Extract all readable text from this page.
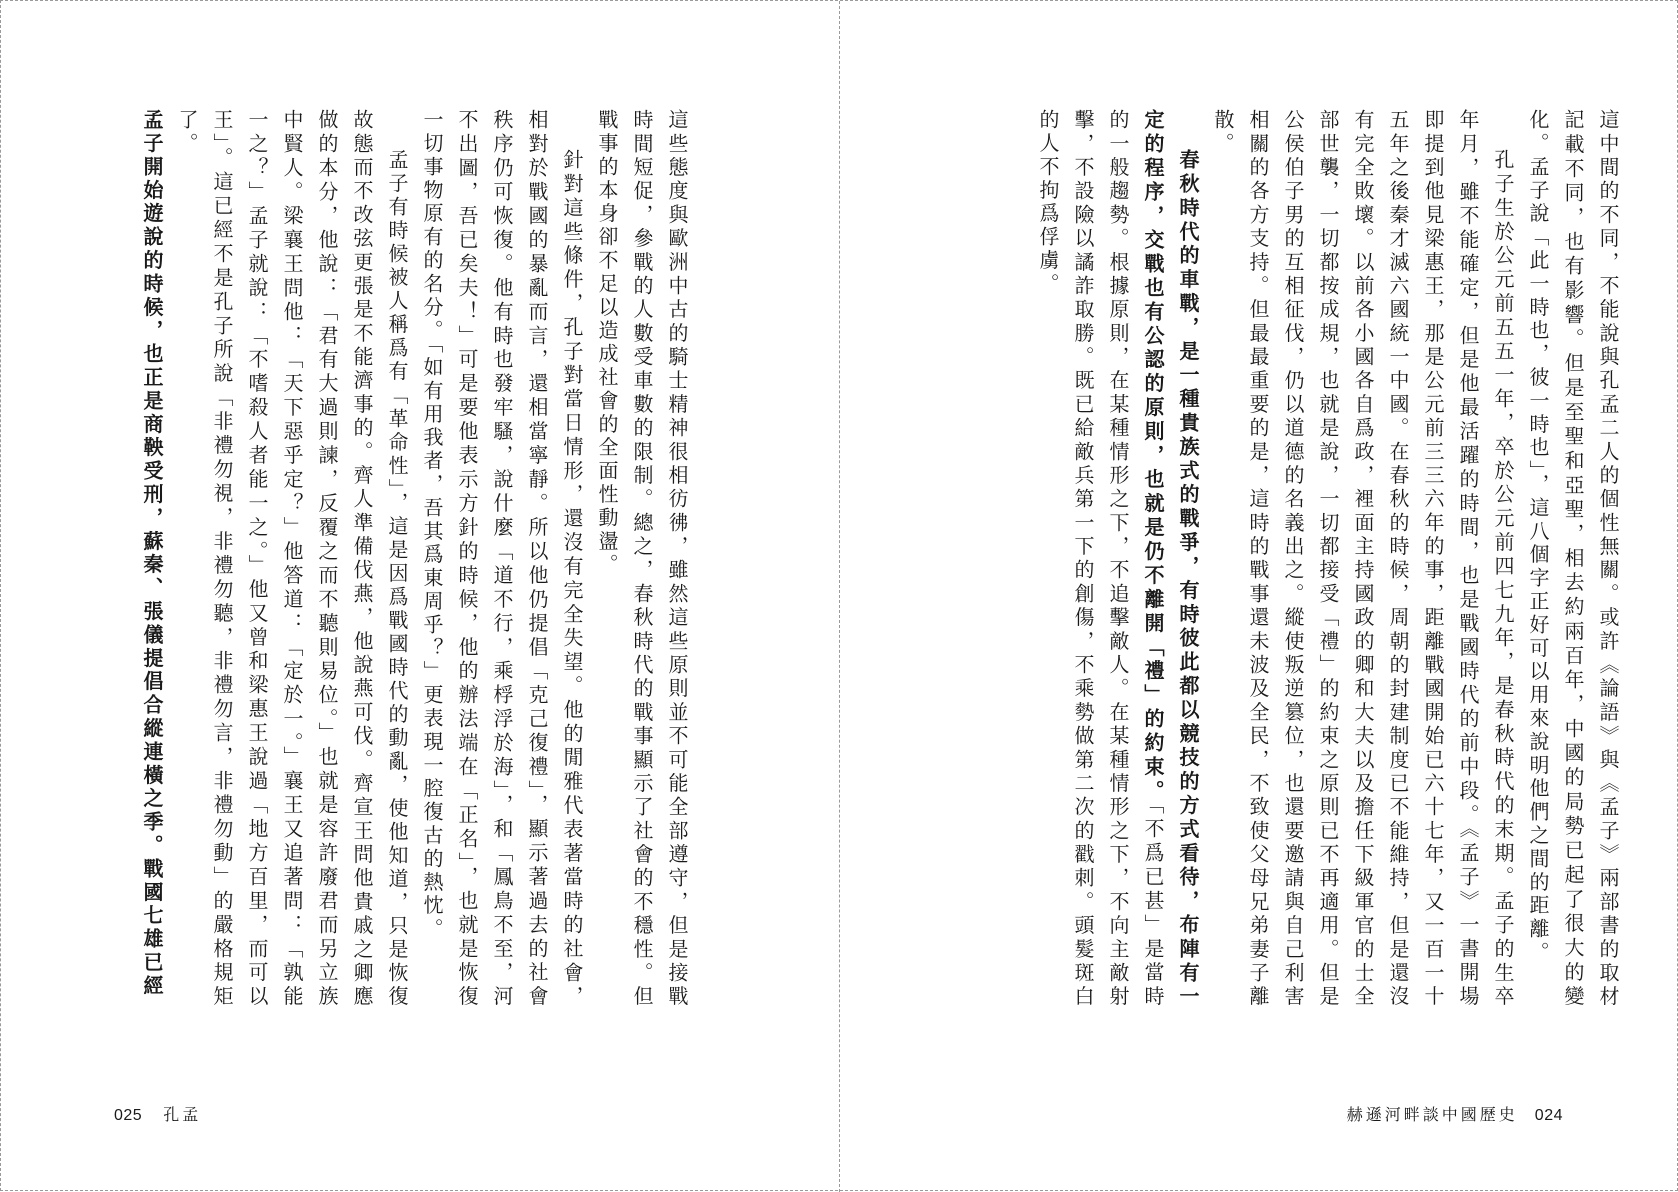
這些態度與歐洲中古的騎士精神很相彷彿，雖然這些原則並不可能全部遵守，但是接戰時間短促，參戰的人數受車數的限制。總之，春秋時代的戰事顯示了社會的不穩性。但戰事的本身卻不足以造成社會的全面性動盪。

針對這些條件，孔子對當日情形，還沒有完全失望。他的閒雅代表著當時的社會，相對於戰國的暴亂而言，還相當寧靜。所以他仍提倡「克己復禮」，顯示著過去的社會秩序仍可恢復。他有時也發牢騷，說什麼「道不行，乘桴浮於海」，和「鳳鳥不至，河不出圖，吾已矣夫！」可是要他表示方針的時候，他的辦法端在「正名」，也就是恢復一切事物原有的名分。「如有用我者，吾其爲東周乎？」更表現一腔復古的熱忱。

孟子有時候被人稱爲有「革命性」，這是因爲戰國時代的動亂，使他知道，只是恢復故態而不改弦更張是不能濟事的。齊人準備伐燕，他說燕可伐。齊宣王問他貴戚之卿應做的本分，他說：「君有大過則諫，反覆之而不聽則易位。」也就是容許廢君而另立族中賢人。梁襄王問他：「天下惡乎定？」他答道：「定於一。」襄王又追著問：「孰能一之？」孟子就說：「不嗜殺人者能一之。」他又曾和梁惠王說過「地方百里，而可以王」。這已經不是孔子所說「非禮勿視，非禮勿聽，非禮勿言，非禮勿動」的嚴格規矩了。

孟子開始遊說的時候，也正是商鞅受刑，蘇秦、張儀提倡合縱連橫之季。戰國七雄已經

025 孔孟

這中間的不同，不能說與孔孟二人的個性無關。或許《論語》與《孟子》兩部書的取材記載不同，也有影響。但是至聖和亞聖，相去約兩百年，中國的局勢已起了很大的變化。孟子說「此一時也，彼一時也」，這八個字正好可以用來說明他們之間的距離。

孔子生於公元前五五一年，卒於公元前四七九年，是春秋時代的末期。孟子的生卒年月，雖不能確定，但是他最活躍的時間，也是戰國時代的前中段。《孟子》一書開場即提到他見梁惠王，那是公元前三三六年的事，距離戰國開始已六十七年，又一百一十五年之後秦才滅六國統一中國。在春秋的時候，周朝的封建制度已不能維持，但是還沒有完全敗壞。以前各小國各自爲政，裡面主持國政的卿和大夫以及擔任下級軍官的士全部世襲，一切都按成規，也就是說，一切都接受「禮」的約束之原則已不再適用。但是公侯伯子男的互相征伐，仍以道德的名義出之。縱使叛逆篡位，也還要邀請與自己利害相關的各方支持。但最最重要的是，這時的戰事還未波及全民，不致使父母兄弟妻子離散。

春秋時代的車戰，是一種貴族式的戰爭，有時彼此都以競技的方式看待，布陣有一定的程序，交戰也有公認的原則，也就是仍不離開「禮」的約束。「不爲已甚」是當時的一般趨勢。根據原則，在某種情形之下，不追擊敵人。在某種情形之下，不向主敵射擊，不設險以譎詐取勝。既已給敵兵第一下的創傷，不乘勢做第二次的戳刺。頭髮斑白的人不拘爲俘虜。

赫遜河畔談中國歷史 024
